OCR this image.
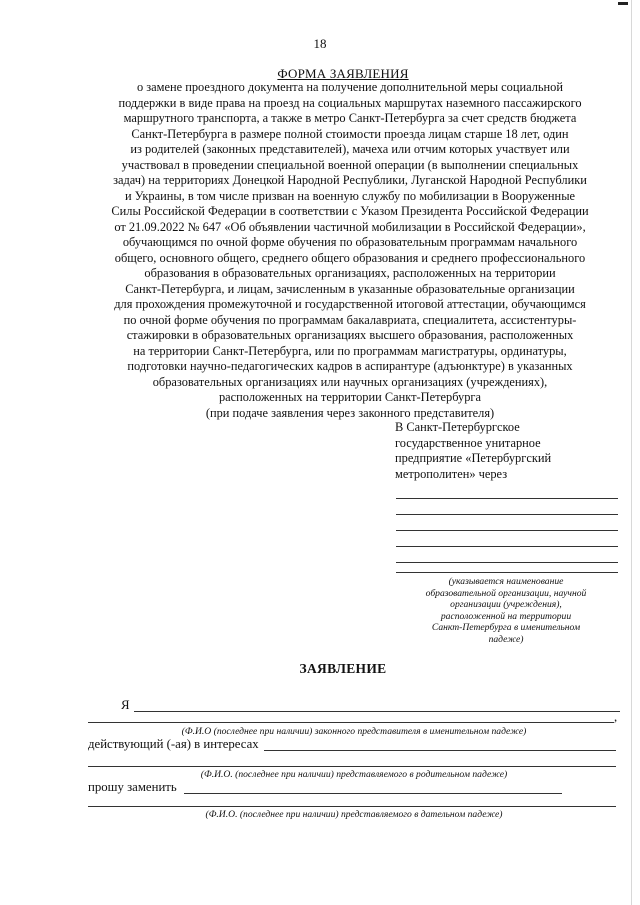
18
ФОРМА ЗАЯВЛЕНИЯ
о замене проездного документа на получение дополнительной меры социальной
поддержки в виде права на проезд на социальных маршрутах наземного пассажирского
маршрутного транспорта, а также в метро Санкт-Петербурга за счет средств бюджета
Санкт-Петербурга в размере полной стоимости проезда лицам старше 18 лет, один
из родителей (законных представителей), мачеха или отчим которых участвует или
участвовал в проведении специальной военной операции (в выполнении специальных
задач) на территориях Донецкой Народной Республики, Луганской Народной Республики
и Украины, в том числе призван на военную службу по мобилизации в Вооруженные
Силы Российской Федерации в соответствии с Указом Президента Российской Федерации
от 21.09.2022 № 647 «Об объявлении частичной мобилизации в Российской Федерации»,
обучающимся по очной форме обучения по образовательным программам начального
общего, основного общего, среднего общего образования и среднего профессионального
образования в образовательных организациях, расположенных на территории
Санкт-Петербурга, и лицам, зачисленным в указанные образовательные организации
для прохождения промежуточной и государственной итоговой аттестации, обучающимся
по очной форме обучения по программам бакалавриата, специалитета, ассистентуры-
стажировки в образовательных организациях высшего образования, расположенных
на территории Санкт-Петербурга, или по программам магистратуры, ординатуры,
подготовки научно-педагогических кадров в аспирантуре (адъюнктуре) в указанных
образовательных организациях или научных организациях (учреждениях),
расположенных на территории Санкт-Петербурга
(при подаче заявления через законного представителя)
В Санкт-Петербургское
государственное унитарное
предприятие «Петербургский
метрополитен» через
(указывается наименование
образовательной организации, научной
организации (учреждения),
расположенной на территории
Санкт-Петербурга в именительном
падеже)
ЗАЯВЛЕНИЕ
Я
,
(Ф.И.О (последнее при наличии) законного представителя в именительном падеже)
действующий (-ая) в интересах
(Ф.И.О. (последнее при наличии) представляемого в родительном падеже)
прошу заменить
(Ф.И.О. (последнее при наличии) представляемого в дательном падеже)
